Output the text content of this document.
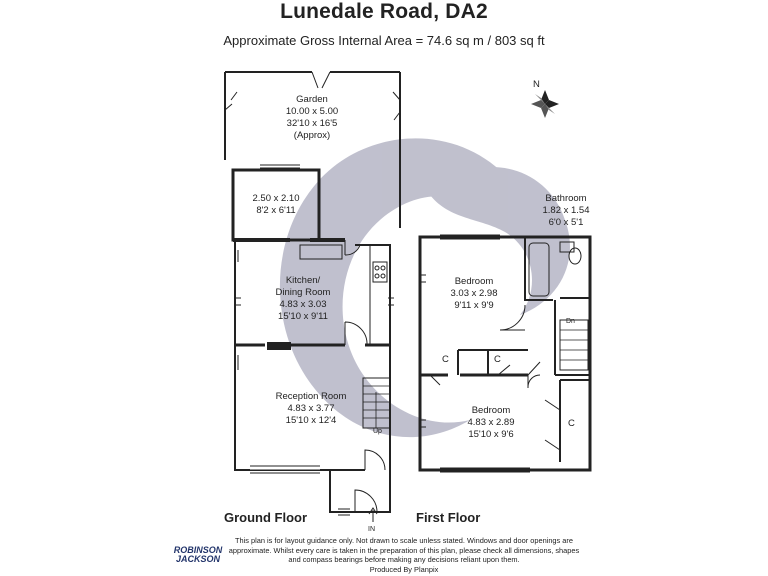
Lunedale Road, DA2
Approximate Gross Internal Area = 74.6 sq m / 803 sq ft
N
Garden
10.00 x 5.00
32'10 x 16'5
(Approx)
2.50 x 2.10
8'2 x 6'11
Kitchen/
Dining Room
4.83 x 3.03
15'10 x 9'11
Reception Room
4.83 x 3.77
15'10 x 12'4
Up
IN
Bathroom
1.82 x 1.54
6'0 x 5'1
Bedroom
3.03 x 2.98
9'11 x 9'9
Bedroom
4.83 x 2.89
15'10 x 9'6
C	C
C
Dn
Ground Floor	First Floor
This plan is for layout guidance only. Not drawn to scale unless stated. Windows and door openings are approximate. Whilst every care is taken in the preparation of this plan, please check all dimensions, shapes and compass bearings before making any decisions reliant upon them.
Produced By Planpix
ROBINSON
JACKSON
